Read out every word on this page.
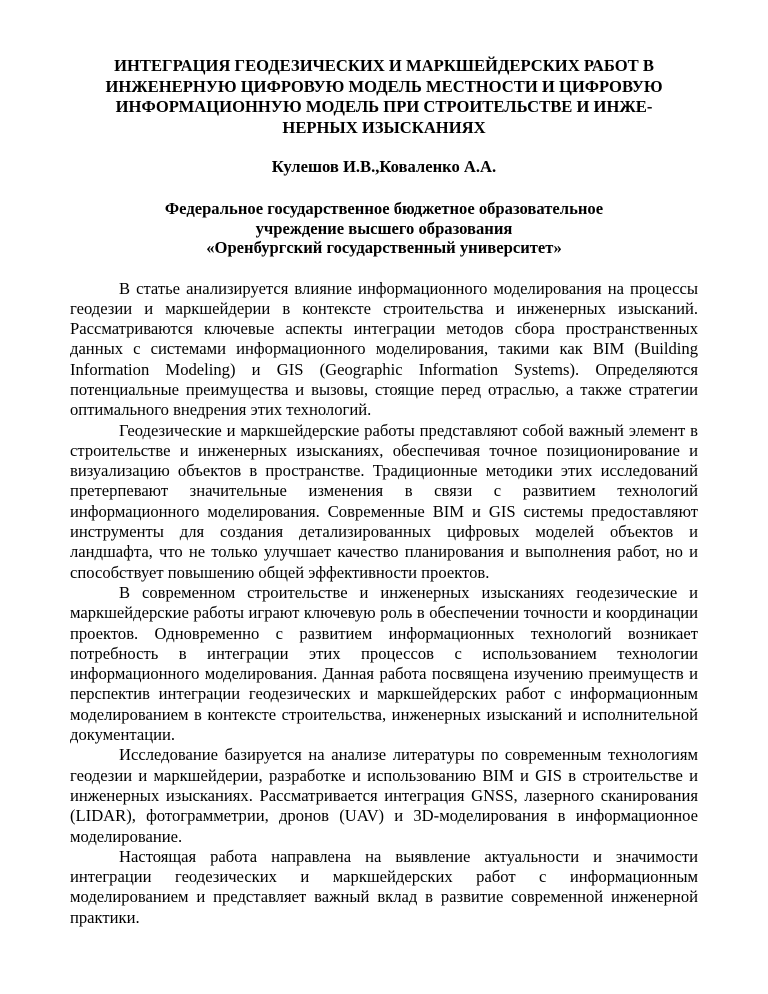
ИНТЕГРАЦИЯ ГЕОДЕЗИЧЕСКИХ И МАРКШЕЙДЕРСКИХ РАБОТ В
ИНЖЕНЕРНУЮ ЦИФРОВУЮ МОДЕЛЬ МЕСТНОСТИ И ЦИФРОВУЮ
ИНФОРМАЦИОННУЮ МОДЕЛЬ ПРИ СТРОИТЕЛЬСТВЕ И ИНЖЕ-
НЕРНЫХ ИЗЫСКАНИЯХ
Кулешов И.В.,Коваленко А.А.
Федеральное государственное бюджетное образовательное
учреждение высшего образования
«Оренбургский государственный университет»

В статье анализируется влияние информационного моделирования на процессы геодезии и маркшейдерии в контексте строительства и инженерных изысканий. Рассматриваются ключевые аспекты интеграции методов сбора пространственных данных с системами информационного моделирования, такими как BIM (Building Information Modeling) и GIS (Geographic Information Systems). Определяются потенциальные преимущества и вызовы, стоящие перед отраслью, а также стратегии оптимального внедрения этих технологий.

Геодезические и маркшейдерские работы представляют собой важный элемент в строительстве и инженерных изысканиях, обеспечивая точное позиционирование и визуализацию объектов в пространстве. Традиционные методики этих исследований претерпевают значительные изменения в связи с развитием технологий информационного моделирования. Современные BIM и GIS системы предоставляют инструменты для создания детализированных цифровых моделей объектов и ландшафта, что не только улучшает качество планирования и выполнения работ, но и способствует повышению общей эффективности проектов.

В современном строительстве и инженерных изысканиях геодезические и маркшейдерские работы играют ключевую роль в обеспечении точности и координации проектов. Одновременно с развитием информационных технологий возникает потребность в интеграции этих процессов с использованием технологии информационного моделирования. Данная работа посвящена изучению преимуществ и перспектив интеграции геодезических и маркшейдерских работ с информационным моделированием в контексте строительства, инженерных изысканий и исполнительной документации.

Исследование базируется на анализе литературы по современным технологиям геодезии и маркшейдерии, разработке и использованию BIM и GIS в строительстве и инженерных изысканиях. Рассматривается интеграция GNSS, лазерного сканирования (LIDAR), фотограмметрии, дронов (UAV) и 3D-моделирования в информационное моделирование.

Настоящая работа направлена на выявление актуальности и значимости интеграции геодезических и маркшейдерских работ с информационным моделированием и представляет важный вклад в развитие современной инженерной практики.
